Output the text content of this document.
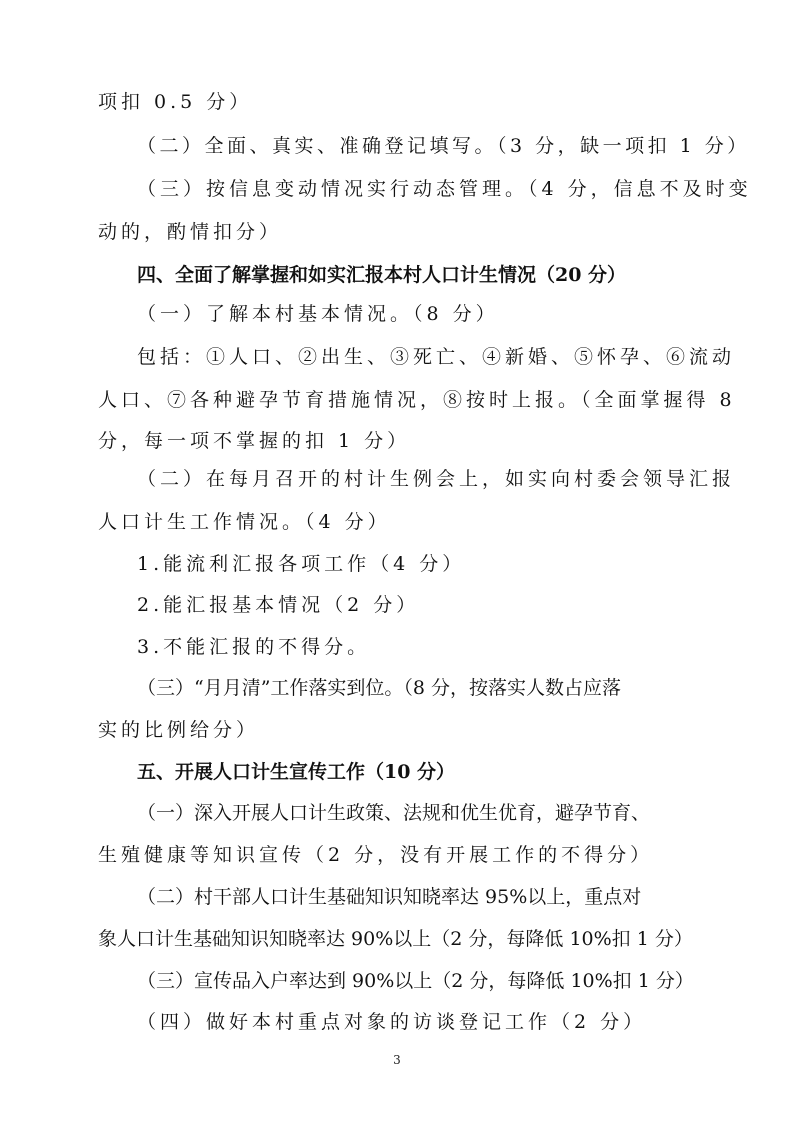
项扣 0.5 分）
（二）全面、真实、准确登记填写。（3 分，缺一项扣 1 分）
（三）按信息变动情况实行动态管理。（4 分，信息不及时变
动的，酌情扣分）
四、全面了解掌握和如实汇报本村人口计生情况（20 分）
（一）了解本村基本情况。（8 分）
包括：①人口、②出生、③死亡、④新婚、⑤怀孕、⑥流动
人口、⑦各种避孕节育措施情况，⑧按时上报。（全面掌握得 8
分，每一项不掌握的扣 1 分）
（二）在每月召开的村计生例会上，如实向村委会领导汇报
人口计生工作情况。（4 分）
1.能流利汇报各项工作（4 分）
2.能汇报基本情况（2 分）
3.不能汇报的不得分。
（三）“月月清”工作落实到位。（8 分，按落实人数占应落
实的比例给分）
五、开展人口计生宣传工作（10 分）
（一）深入开展人口计生政策、法规和优生优育，避孕节育、
生殖健康等知识宣传（2 分，没有开展工作的不得分）
（二）村干部人口计生基础知识知晓率达 95%以上，重点对
象人口计生基础知识知晓率达 90%以上（2 分，每降低 10%扣 1 分）
（三）宣传品入户率达到 90%以上（2 分，每降低 10%扣 1 分）
（四）做好本村重点对象的访谈登记工作（2 分）
3
